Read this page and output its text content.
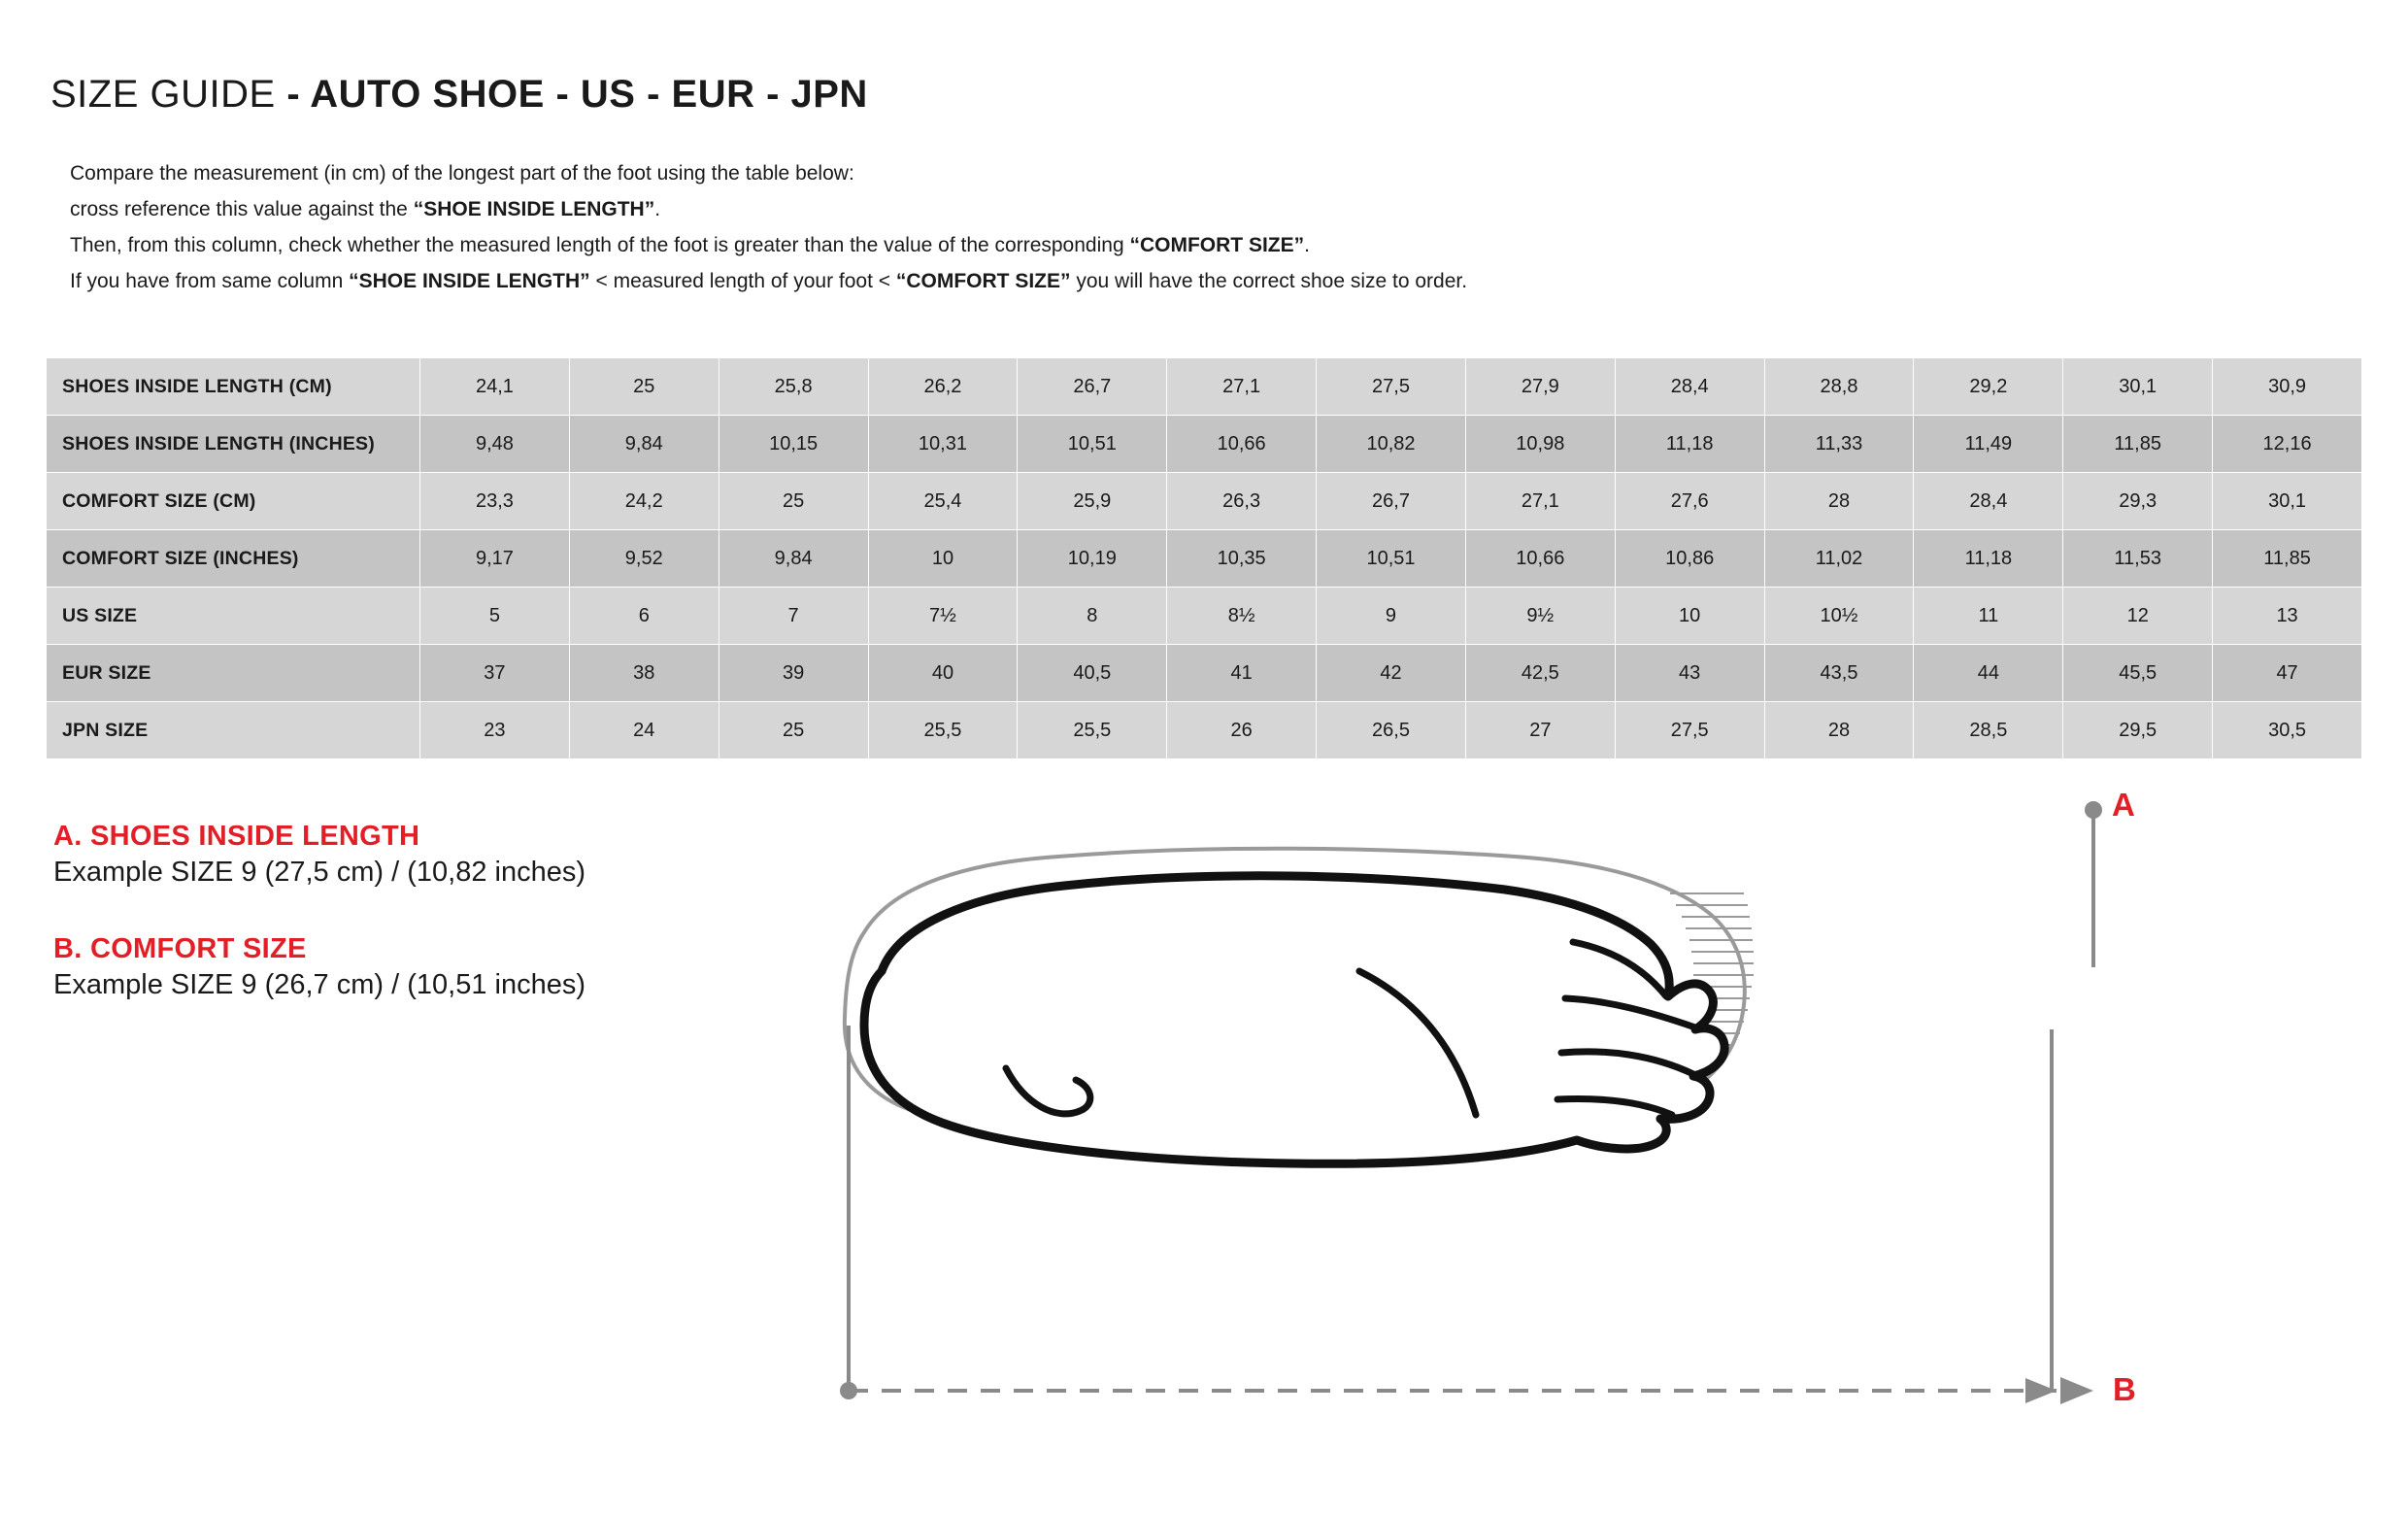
SIZE GUIDE - AUTO SHOE - US - EUR - JPN
Compare the measurement (in cm) of the longest part of the foot using the table below:
cross reference this value against the “SHOE INSIDE LENGTH”.
Then, from this column, check whether the measured length of the foot is greater than the value of the corresponding “COMFORT SIZE”.
If you have from same column “SHOE INSIDE LENGTH” < measured length of your foot < “COMFORT SIZE” you will have the correct shoe size to order.
SHOES INSIDE LENGTH (CM)	24,1	25	25,8	26,2	26,7	27,1	27,5	27,9	28,4	28,8	29,2	30,1	30,9
SHOES INSIDE LENGTH (INCHES)	9,48	9,84	10,15	10,31	10,51	10,66	10,82	10,98	11,18	11,33	11,49	11,85	12,16
COMFORT SIZE (CM)	23,3	24,2	25	25,4	25,9	26,3	26,7	27,1	27,6	28	28,4	29,3	30,1
COMFORT SIZE (INCHES)	9,17	9,52	9,84	10	10,19	10,35	10,51	10,66	10,86	11,02	11,18	11,53	11,85
US SIZE	5	6	7	7½	8	8½	9	9½	10	10½	11	12	13
EUR SIZE	37	38	39	40	40,5	41	42	42,5	43	43,5	44	45,5	47
JPN SIZE	23	24	25	25,5	25,5	26	26,5	27	27,5	28	28,5	29,5	30,5

A. SHOES INSIDE LENGTH

Example SIZE 9 (27,5 cm) / (10,82 inches)

B. COMFORT SIZE

Example SIZE 9 (26,7 cm) / (10,51 inches)

A
B
